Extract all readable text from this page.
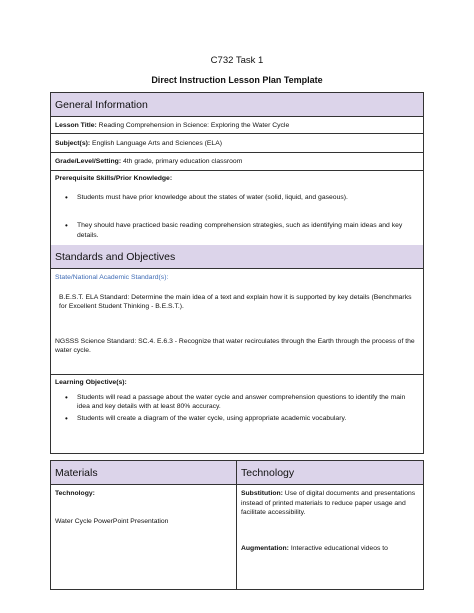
C732 Task 1
Direct Instruction Lesson Plan Template
General Information
Lesson Title: Reading Comprehension in Science: Exploring the Water Cycle
Subject(s): English Language Arts and Sciences (ELA)
Grade/Level/Setting: 4th grade, primary education classroom
Prerequisite Skills/Prior Knowledge:
• Students must have prior knowledge about the states of water (solid, liquid, and gaseous).
• They should have practiced basic reading comprehension strategies, such as identifying main ideas and key details.
Standards and Objectives
State/National Academic Standard(s):
B.E.S.T. ELA Standard: Determine the main idea of a text and explain how it is supported by key details (Benchmarks for Excellent Student Thinking - B.E.S.T.).
NGSSS Science Standard: SC.4. E.6.3 - Recognize that water recirculates through the Earth through the process of the water cycle.
Learning Objective(s):
• Students will read a passage about the water cycle and answer comprehension questions to identify the main idea and key details with at least 80% accuracy.
• Students will create a diagram of the water cycle, using appropriate academic vocabulary.
Materials	Technology
Technology:
Water Cycle PowerPoint Presentation
Substitution: Use of digital documents and presentations instead of printed materials to reduce paper usage and facilitate accessibility.
Augmentation: Interactive educational videos to
